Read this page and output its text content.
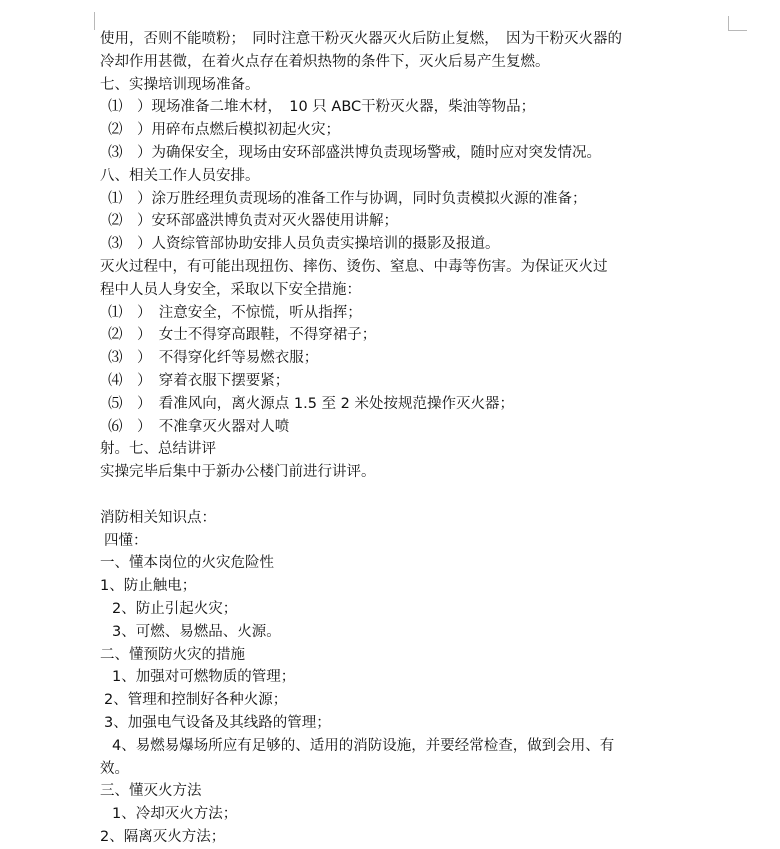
使用，否则不能喷粉；　同时注意干粉灭火器灭火后防止复燃，　因为干粉灭火器的
冷却作用甚微，在着火点存在着炽热物的条件下，灭火后易产生复燃。
七、实操培训现场准备。
⑴　）现场准备二堆木材，　10 只 ABC干粉灭火器，柴油等物品；
⑵　）用碎布点燃后模拟初起火灾；
⑶　）为确保安全，现场由安环部盛洪博负责现场警戒，随时应对突发情况。
八、相关工作人员安排。
⑴　）涂万胜经理负责现场的准备工作与协调，同时负责模拟火源的准备；
⑵　）安环部盛洪博负责对灭火器使用讲解；
⑶　）人资综管部协助安排人员负责实操培训的摄影及报道。
灭火过程中，有可能出现扭伤、摔伤、烫伤、窒息、中毒等伤害。为保证灭火过
程中人员人身安全，采取以下安全措施：
⑴　）　注意安全，不惊慌，听从指挥；
⑵　）　女士不得穿高跟鞋，不得穿裙子；
⑶　）　不得穿化纤等易燃衣服；
⑷　）　穿着衣服下摆要紧；
⑸　）　看准风向，离火源点 1.5 至 2 米处按规范操作灭火器；
⑹　）　不准拿灭火器对人喷
射。七、总结讲评
实操完毕后集中于新办公楼门前进行讲评。
消防相关知识点：
四懂：
一、懂本岗位的火灾危险性
1、防止触电；
2、防止引起火灾；
3、可燃、易燃品、火源。
二、懂预防火灾的措施
1、加强对可燃物质的管理；
2、管理和控制好各种火源；
3、加强电气设备及其线路的管理；
4、易燃易爆场所应有足够的、适用的消防设施，并要经常检查，做到会用、有
效。
三、懂灭火方法
1、冷却灭火方法；
2、隔离灭火方法；
